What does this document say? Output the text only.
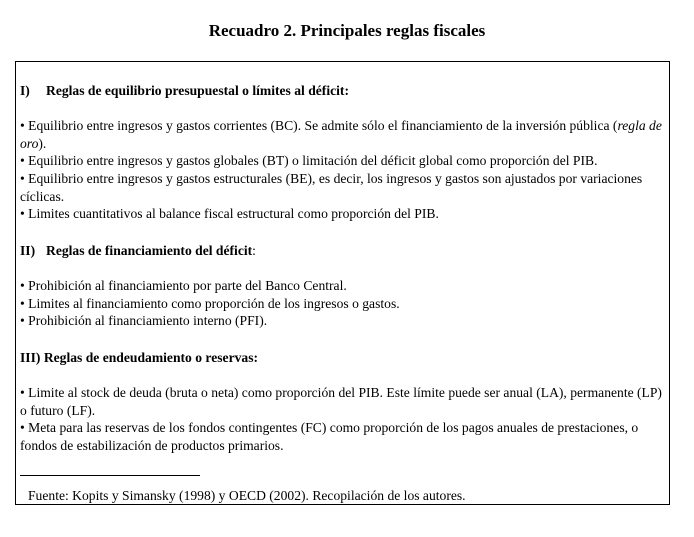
Recuadro 2. Principales reglas fiscales

I) Reglas de equilibrio presupuestal o límites al déficit:

• Equilibrio entre ingresos y gastos corrientes (BC). Se admite sólo el financiamiento de la inversión pública (regla de oro).

• Equilibrio entre ingresos y gastos globales (BT) o limitación del déficit global como proporción del PIB.

• Equilibrio entre ingresos y gastos estructurales (BE), es decir, los ingresos y gastos son ajustados por variaciones cíclicas.

• Limites cuantitativos al balance fiscal estructural como proporción del PIB.

II) Reglas de financiamiento del déficit:

• Prohibición al financiamiento por parte del Banco Central.

• Limites al financiamiento como proporción de los ingresos o gastos.

• Prohibición al financiamiento interno (PFI).

III) Reglas de endeudamiento o reservas:

• Limite al stock de deuda (bruta o neta) como proporción del PIB. Este límite puede ser anual (LA), permanente (LP) o futuro (LF).

• Meta para las reservas de los fondos contingentes (FC) como proporción de los pagos anuales de prestaciones, o fondos de estabilización de productos primarios.

Fuente: Kopits y Simansky (1998) y OECD (2002). Recopilación de los autores.
